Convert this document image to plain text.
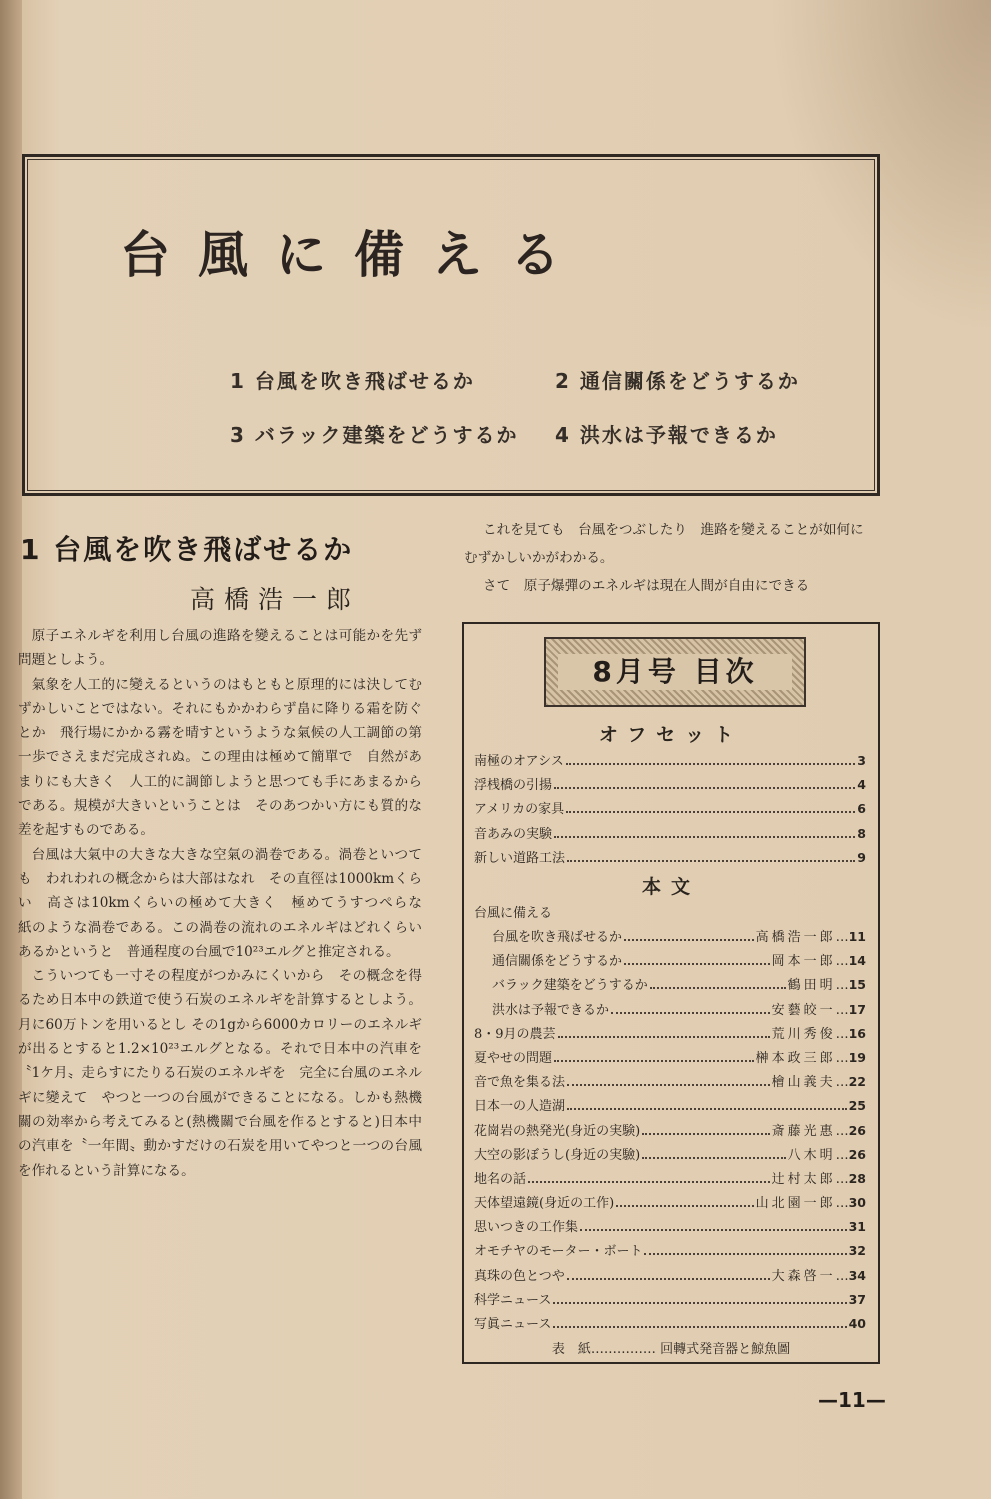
台風に備える
1 台風を吹き飛ばせるか	2 通信關係をどうするか
3 バラック建築をどうするか 4 洪水は予報できるか
1 台風を吹き飛ばせるか
高橋浩一郎

原子エネルギを利用し台風の進路を變えることは可能かを先ず問題としよう。

氣象を人工的に變えるというのはもともと原理的には決してむずかしいことではない。それにもかかわらず畠に降りる霜を防ぐとか　飛行場にかかる霧を晴すというような氣候の人工調節の第一歩でさえまだ完成されぬ。この理由は極めて簡單で　自然があまりにも大きく　人工的に調節しようと思つても手にあまるからである。規模が大きいということは　そのあつかい方にも質的な差を起すものである。

台風は大氣中の大きな大きな空氣の渦卷である。渦卷といつても　われわれの概念からは大部はなれ　その直徑は1000kmくらい　高さは10kmくらいの極めて大きく　極めてうすつぺらな　紙のような渦卷である。この渦卷の流れのエネルギはどれくらいあるかというと　普通程度の台風で10²³エルグと推定される。

こういつても一寸その程度がつかみにくいから　その概念を得るため日本中の鉄道で使う石炭のエネルギを計算するとしよう。月に60万トンを用いるとし その1gから6000カロリーのエネルギが出るとすると1.2×10²³エルグとなる。それで日本中の汽車を〝1ケ月〟走らすにたりる石炭のエネルギを　完全に台風のエネルギに變えて　やつと一つの台風ができることになる。しかも熱機關の効率から考えてみると(熱機關で台風を作るとすると)日本中の汽車を〝一年間〟動かすだけの石炭を用いてやつと一つの台風を作れるという計算になる。

これを見ても　台風をつぶしたり　進路を變えることが如何にむずかしいかがわかる。

さて　原子爆彈のエネルギは現在人間が自由にできる

8月号 目次
オフセット
南極のオアシス	3
浮桟橋の引揚	4
アメリカの家具	6
音あみの実験	8
新しい道路工法	9
本文
台風に備える
台風を吹き飛ばせるか	高橋浩一郎 … 11
通信關係をどうするか	岡本一郎 … 14
バラック建築をどうするか	鶴田明 … 15
洪水は予報できるか	安藝皎一 … 17
8・9月の農芸	荒川秀俊 … 16
夏やせの問題	榊本政三郎 … 19
音で魚を集る法	檜山義夫 … 22
日本一の人造湖	25
花崗岩の熱発光(身近の実験)	斎藤光惠 … 26
大空の影ぼうし(身近の実驗)	八木明 … 26
地名の話	辻村太郎 … 28
天体望遠鏡(身近の工作)	山北園一郎 … 30
思いつきの工作集	31
オモチヤのモーター・ボート	32
真珠の色とつや	大森啓一 … 34
科学ニュース	37
写眞ニュース	40
表　紙…………… 回轉式発音器と鯨魚圖
—11—
